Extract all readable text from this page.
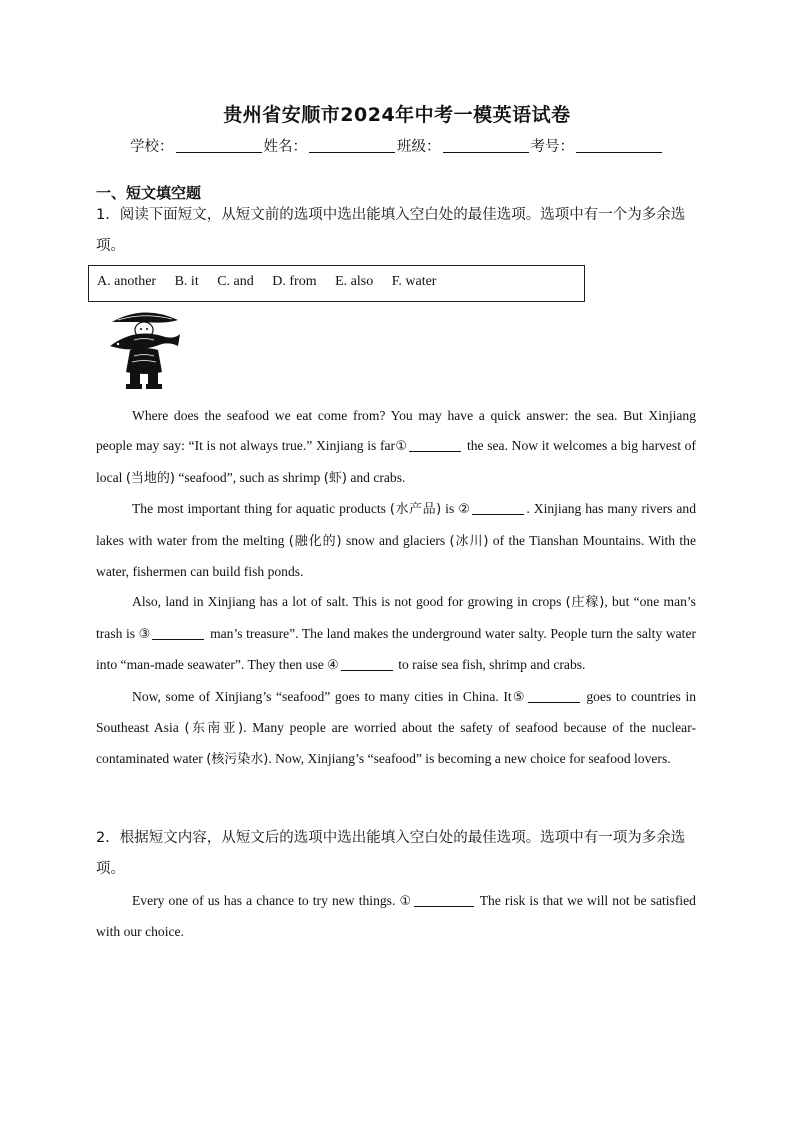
贵州省安顺市2024年中考一模英语试卷
学校：	姓名：	班级：	考号：
一、短文填空题
1．阅读下面短文，从短文前的选项中选出能填入空白处的最佳选项。选项中有一个为多余选项。
A. another B. it C. and D. from E. also F. water

Where does the seafood we eat come from? You may have a quick answer: the sea. But Xinjiang people may say: “It is not always true.” Xinjiang is far①	the sea. Now it welcomes a big harvest of local (当地的) “seafood”, such as shrimp (虾) and crabs.

The most important thing for aquatic products (水产品) is ②	. Xinjiang has many rivers and lakes with water from the melting (融化的) snow and glaciers (冰川) of the Tianshan Mountains. With the water, fishermen can build fish ponds.

Also, land in Xinjiang has a lot of salt. This is not good for growing in crops (庄稼), but “one man’s trash is ③	man’s treasure”. The land makes the underground water salty. People turn the salty water into “man-made seawater”. They then use ④	to raise sea fish, shrimp and crabs.

Now, some of Xinjiang’s “seafood” goes to many cities in China. It⑤	goes to countries in Southeast Asia (东南亚). Many people are worried about the safety of seafood because of the nuclear-contaminated water (核污染水). Now, Xinjiang’s “seafood” is becoming a new choice for seafood lovers.

2．根据短文内容，从短文后的选项中选出能填入空白处的最佳选项。选项中有一项为多余选项。

Every one of us has a chance to try new things. ①	The risk is that we will not be satisfied with our choice.
